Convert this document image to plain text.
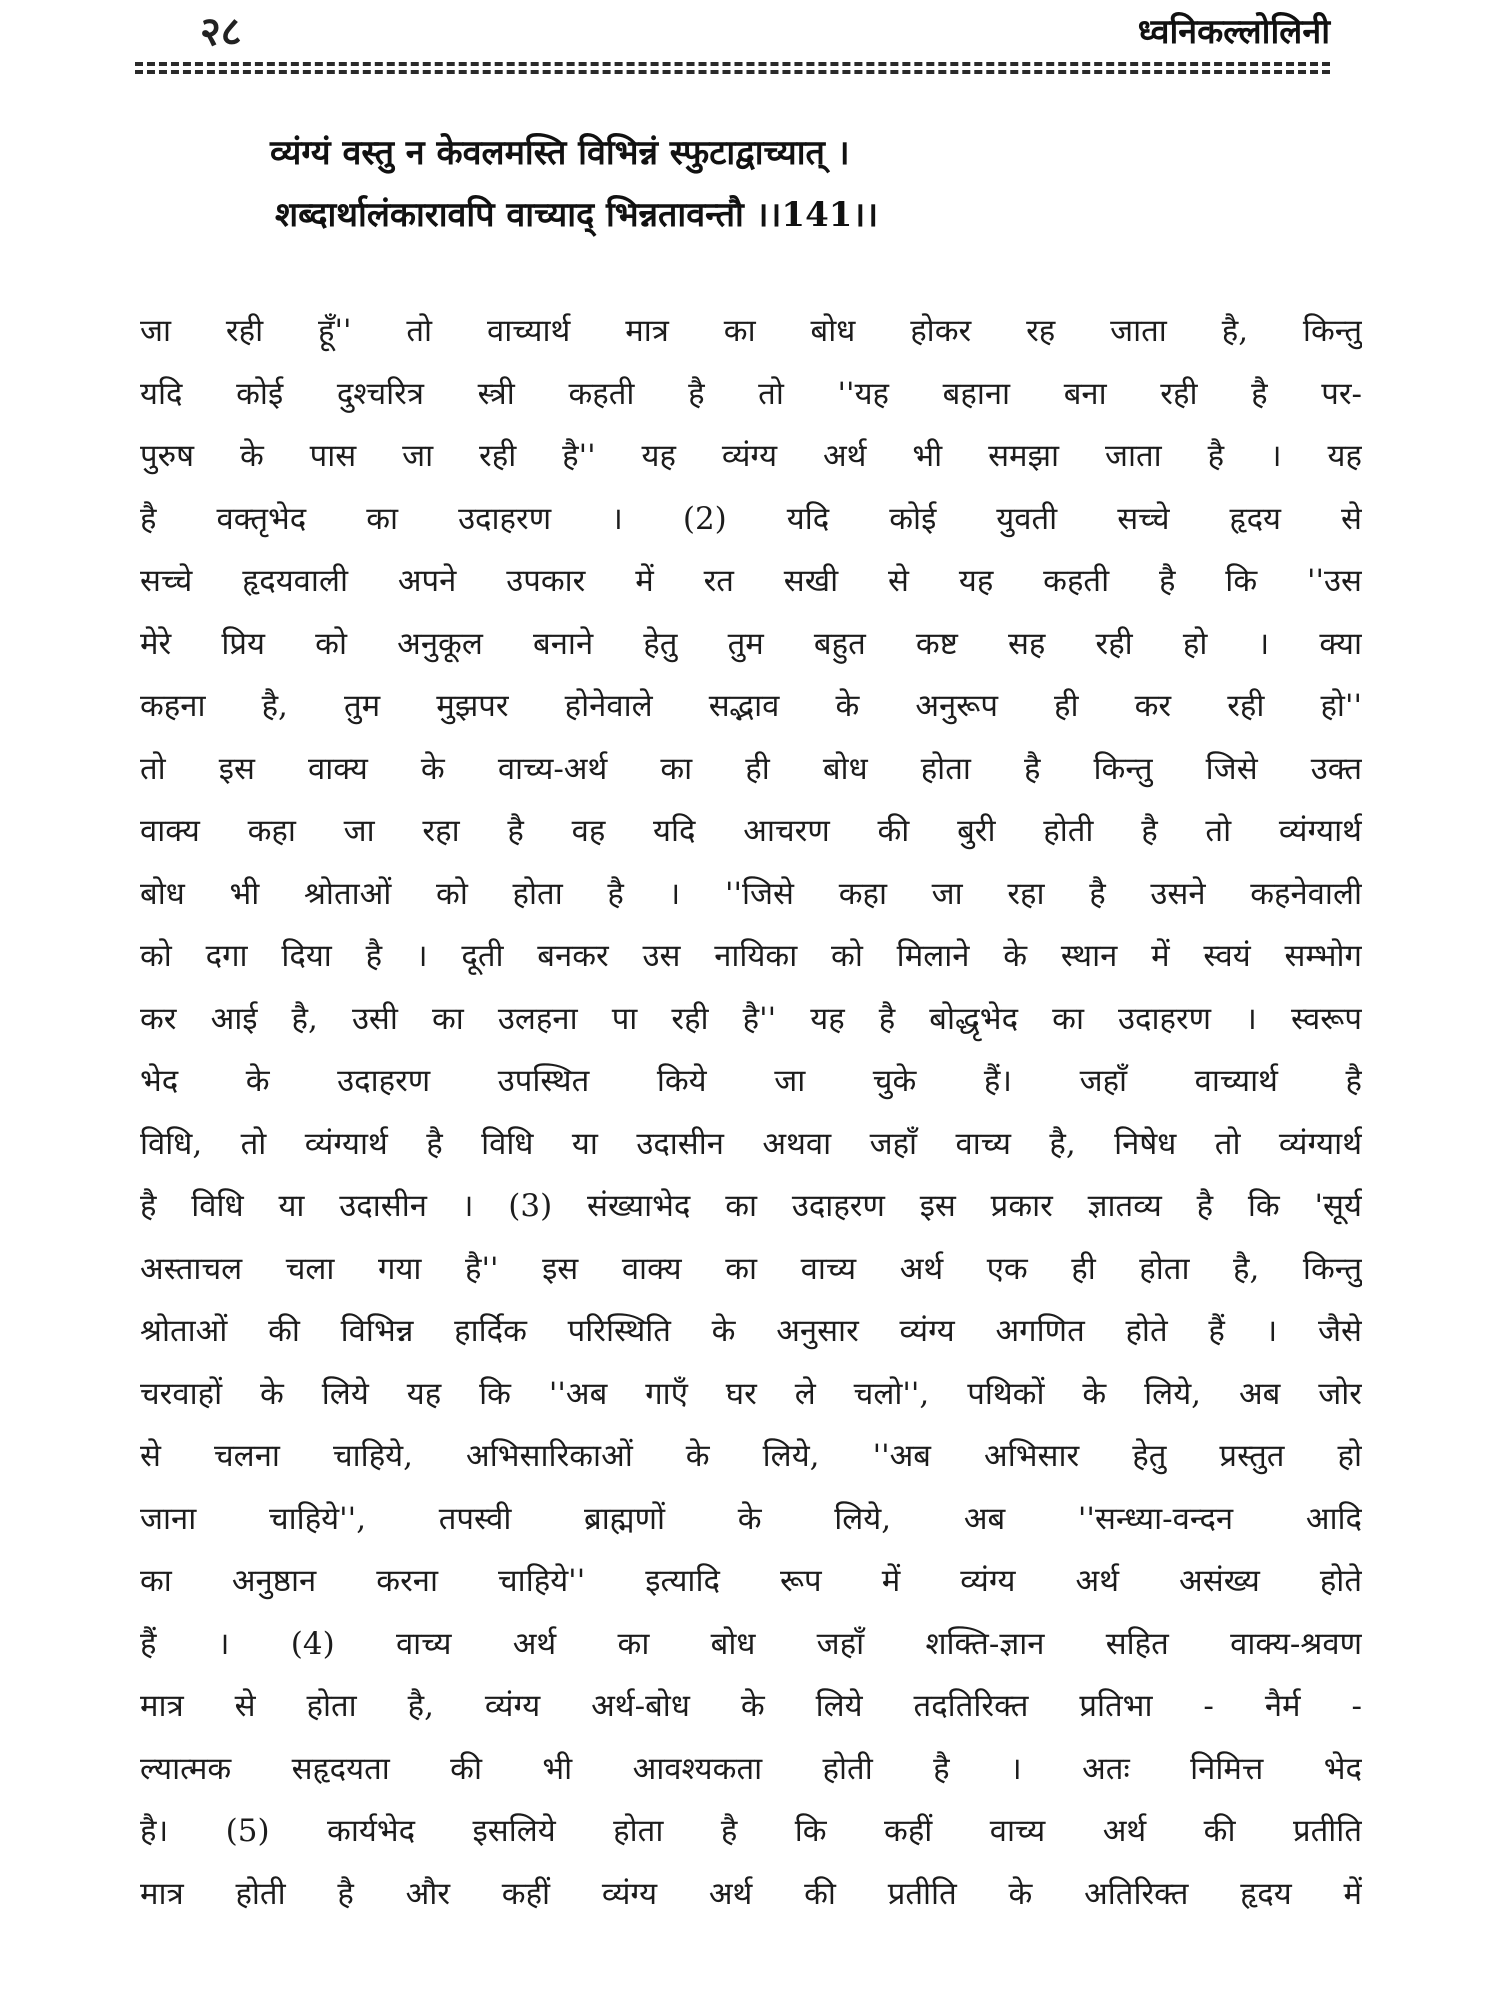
२८	ध्वनिकल्लोलिनी
व्यंग्यं वस्तु न केवलमस्ति विभिन्नं स्फुटाद्वाच्यात् ।
शब्दार्थालंकारावपि वाच्याद् भिन्नतावन्तौ ।।141।।
जा रही हूँ'' तो वाच्यार्थ मात्र का बोध होकर रह जाता है, किन्तु
यदि कोई दुश्चरित्र स्त्री कहती है तो ''यह बहाना बना रही है पर-
पुरुष के पास जा रही है'' यह व्यंग्य अर्थ भी समझा जाता है । यह
है वक्तृभेद का उदाहरण । (2) यदि कोई युवती सच्चे हृदय से
सच्चे हृदयवाली अपने उपकार में रत सखी से यह कहती है कि ''उस
मेरे प्रिय को अनुकूल बनाने हेतु तुम बहुत कष्ट सह रही हो । क्या
कहना है, तुम मुझपर होनेवाले सद्भाव के अनुरूप ही कर रही हो''
तो इस वाक्य के वाच्य-अर्थ का ही बोध होता है किन्तु जिसे उक्त
वाक्य कहा जा रहा है वह यदि आचरण की बुरी होती है तो व्यंग्यार्थ
बोध भी श्रोताओं को होता है । ''जिसे कहा जा रहा है उसने कहनेवाली
को दगा दिया है । दूती बनकर उस नायिका को मिलाने के स्थान में स्वयं सम्भोग
कर आई है, उसी का उलहना पा रही है'' यह है बोद्धृभेद का उदाहरण । स्वरूप
भेद के उदाहरण उपस्थित किये जा चुके हैं। जहाँ वाच्यार्थ है
विधि, तो व्यंग्यार्थ है विधि या उदासीन अथवा जहाँ वाच्य है, निषेध तो व्यंग्यार्थ
है विधि या उदासीन । (3) संख्याभेद का उदाहरण इस प्रकार ज्ञातव्य है कि 'सूर्य
अस्ताचल चला गया है'' इस वाक्य का वाच्य अर्थ एक ही होता है, किन्तु
श्रोताओं की विभिन्न हार्दिक परिस्थिति के अनुसार व्यंग्य अगणित होते हैं । जैसे
चरवाहों के लिये यह कि ''अब गाएँ घर ले चलो'', पथिकों के लिये, अब जोर
से चलना चाहिये, अभिसारिकाओं के लिये, ''अब अभिसार हेतु प्रस्तुत हो
जाना चाहिये'', तपस्वी ब्राह्मणों के लिये, अब ''सन्ध्या-वन्दन आदि
का अनुष्ठान करना चाहिये'' इत्यादि रूप में व्यंग्य अर्थ असंख्य होते
हैं । (4) वाच्य अर्थ का बोध जहाँ शक्ति-ज्ञान सहित वाक्य-श्रवण
मात्र से होता है, व्यंग्य अर्थ-बोध के लिये तदतिरिक्त प्रतिभा - नैर्म -
ल्यात्मक सहृदयता की भी आवश्यकता होती है । अतः निमित्त भेद
है। (5) कार्यभेद इसलिये होता है कि कहीं वाच्य अर्थ की प्रतीति
मात्र होती है और कहीं व्यंग्य अर्थ की प्रतीति के अतिरिक्त हृदय में
